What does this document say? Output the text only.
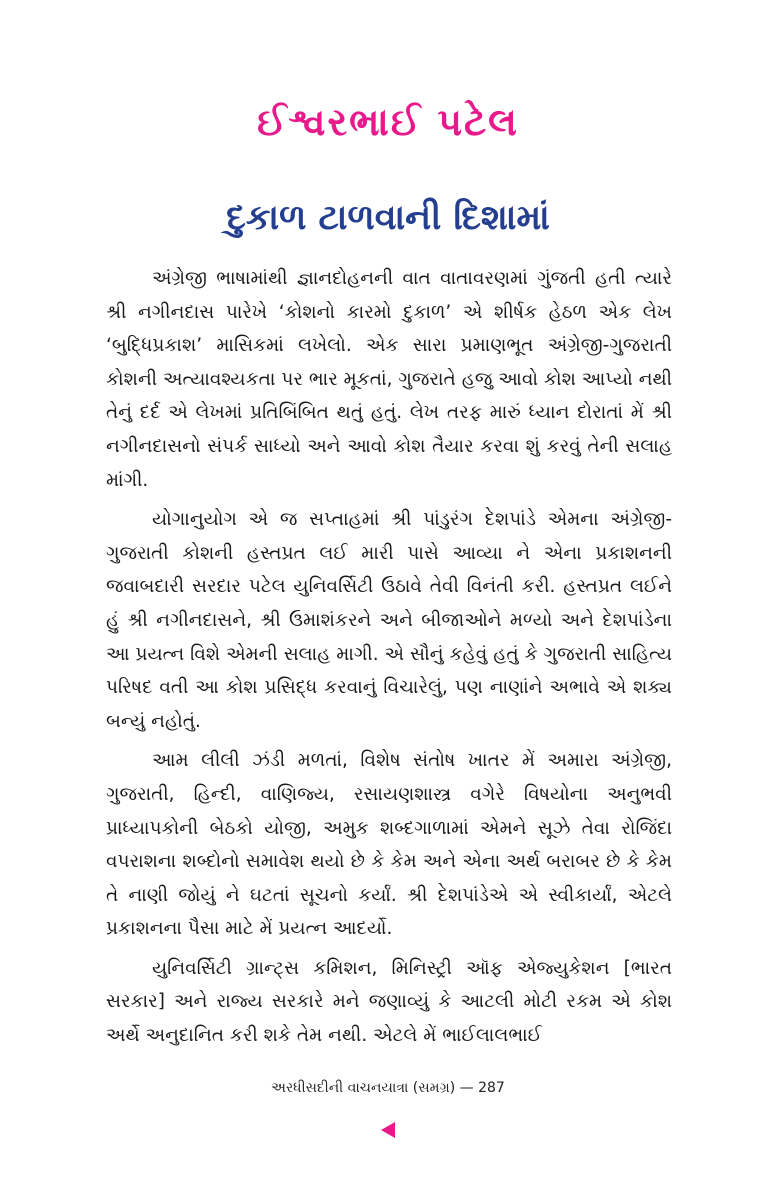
ઈશ્વરભાઈ પટેલ
દુકાળ ટાળવાની દિશામાં

અંગ્રેજી ભાષામાંથી જ્ઞાનદોહનની વાત વાતાવરણમાં ગુંજતી હતી ત્યારે શ્રી નગીનદાસ પારેખે ‘કોશનો કારમો દુકાળ’ એ શીર્ષક હેઠળ એક લેખ ‘બુદ્ધિપ્રકાશ’ માસિકમાં લખેલો. એક સારા પ્રમાણભૂત અંગ્રેજી-ગુજરાતી કોશની અત્યાવશ્યકતા પર ભાર મૂકતાં, ગુજરાતે હજુ આવો કોશ આપ્યો નથી તેનું દર્દ એ લેખમાં પ્રતિબિંબિત થતું હતું. લેખ તરફ મારું ધ્યાન દોરાતાં મેં શ્રી નગીનદાસનો સંપર્ક સાધ્યો અને આવો કોશ તૈયાર કરવા શું કરવું તેની સલાહ માંગી.

યોગાનુયોગ એ જ સપ્તાહમાં શ્રી પાંડુરંગ દેશપાંડે એમના અંગ્રેજી-ગુજરાતી કોશની હસ્તપ્રત લઈ મારી પાસે આવ્યા ને એના પ્રકાશનની જવાબદારી સરદાર પટેલ યુનિવર્સિટી ઉઠાવે તેવી વિનંતી કરી. હસ્તપ્રત લઈને હું શ્રી નગીનદાસને, શ્રી ઉમાશંકરને અને બીજાઓને મળ્યો અને દેશપાંડેના આ પ્રયત્ન વિશે એમની સલાહ માગી. એ સૌનું કહેવું હતું કે ગુજરાતી સાહિત્ય પરિષદ વતી આ કોશ પ્રસિદ્ધ કરવાનું વિચારેલું, પણ નાણાંને અભાવે એ શક્ય બન્યું નહોતું.

આમ લીલી ઝંડી મળતાં, વિશેષ સંતોષ ખાતર મેં અમારા અંગ્રેજી, ગુજરાતી, હિન્દી, વાણિજ્ય, રસાયણશાસ્ત્ર વગેરે વિષયોના અનુભવી પ્રાધ્યાપકોની બેઠકો યોજી, અમુક શબ્દગાળામાં એમને સૂઝે તેવા રોજિંદા વપરાશના શબ્દોનો સમાવેશ થયો છે કે કેમ અને એના અર્થ બરાબર છે કે કેમ તે નાણી જોયું ને ઘટતાં સૂચનો કર્યાં. શ્રી દેશપાંડેએ એ સ્વીકાર્યાં, એટલે પ્રકાશનના પૈસા માટે મેં પ્રયત્ન આદર્યો.

યુનિવર્સિટી ગ્રાન્ટ્સ કમિશન, મિનિસ્ટ્રી ઑફ એજ્યુકેશન [ભારત સરકાર] અને રાજ્ય સરકારે મને જણાવ્યું કે આટલી મોટી રકમ એ કોશ અર્થે અનુદાનિત કરી શકે તેમ નથી. એટલે મેં ભાઈલાલભાઈ

અરધીસદીની વાચનયાત્રા (સમગ્ર) — 287
